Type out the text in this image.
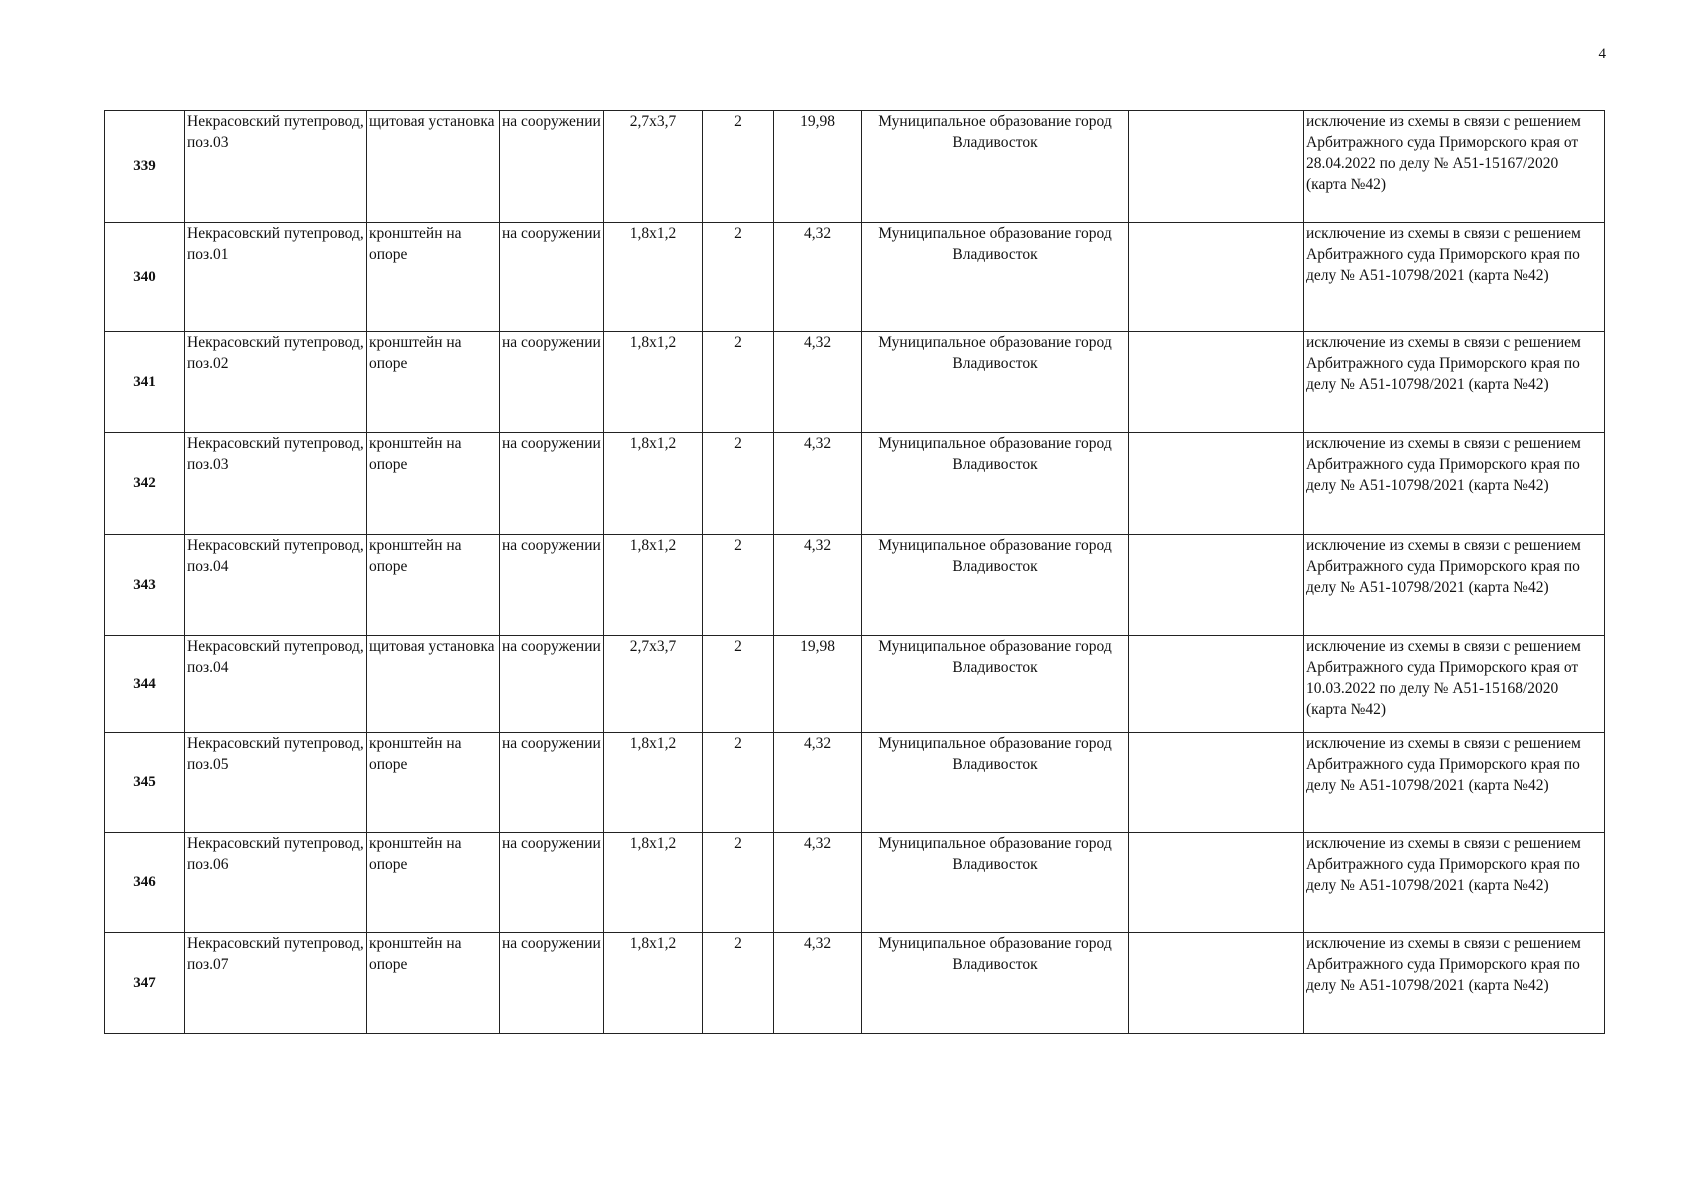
4
339	Некрасовский путепровод, поз.03	щитовая установка	на сооружении	2,7х3,7	2	19,98	Муниципальное образование город Владивосток		исключение из схемы в связи с решением Арбитражного суда Приморского края от 28.04.2022 по делу № А51-15167/2020 (карта №42)
340	Некрасовский путепровод, поз.01	кронштейн на опоре	на сооружении	1,8х1,2	2	4,32	Муниципальное образование город Владивосток		исключение из схемы в связи с решением Арбитражного суда Приморского края по делу № А51-10798/2021 (карта №42)
341	Некрасовский путепровод, поз.02	кронштейн на опоре	на сооружении	1,8х1,2	2	4,32	Муниципальное образование город Владивосток		исключение из схемы в связи с решением Арбитражного суда Приморского края по делу № А51-10798/2021 (карта №42)
342	Некрасовский путепровод, поз.03	кронштейн на опоре	на сооружении	1,8х1,2	2	4,32	Муниципальное образование город Владивосток		исключение из схемы в связи с решением Арбитражного суда Приморского края по делу № А51-10798/2021 (карта №42)
343	Некрасовский путепровод, поз.04	кронштейн на опоре	на сооружении	1,8х1,2	2	4,32	Муниципальное образование город Владивосток		исключение из схемы в связи с решением Арбитражного суда Приморского края по делу № А51-10798/2021 (карта №42)
344	Некрасовский путепровод, поз.04	щитовая установка	на сооружении	2,7х3,7	2	19,98	Муниципальное образование город Владивосток		исключение из схемы в связи с решением Арбитражного суда Приморского края от 10.03.2022 по делу № А51-15168/2020 (карта №42)
345	Некрасовский путепровод, поз.05	кронштейн на опоре	на сооружении	1,8х1,2	2	4,32	Муниципальное образование город Владивосток		исключение из схемы в связи с решением Арбитражного суда Приморского края по делу № А51-10798/2021 (карта №42)
346	Некрасовский путепровод, поз.06	кронштейн на опоре	на сооружении	1,8х1,2	2	4,32	Муниципальное образование город Владивосток		исключение из схемы в связи с решением Арбитражного суда Приморского края по делу № А51-10798/2021 (карта №42)
347	Некрасовский путепровод, поз.07	кронштейн на опоре	на сооружении	1,8х1,2	2	4,32	Муниципальное образование город Владивосток		исключение из схемы в связи с решением Арбитражного суда Приморского края по делу № А51-10798/2021 (карта №42)
